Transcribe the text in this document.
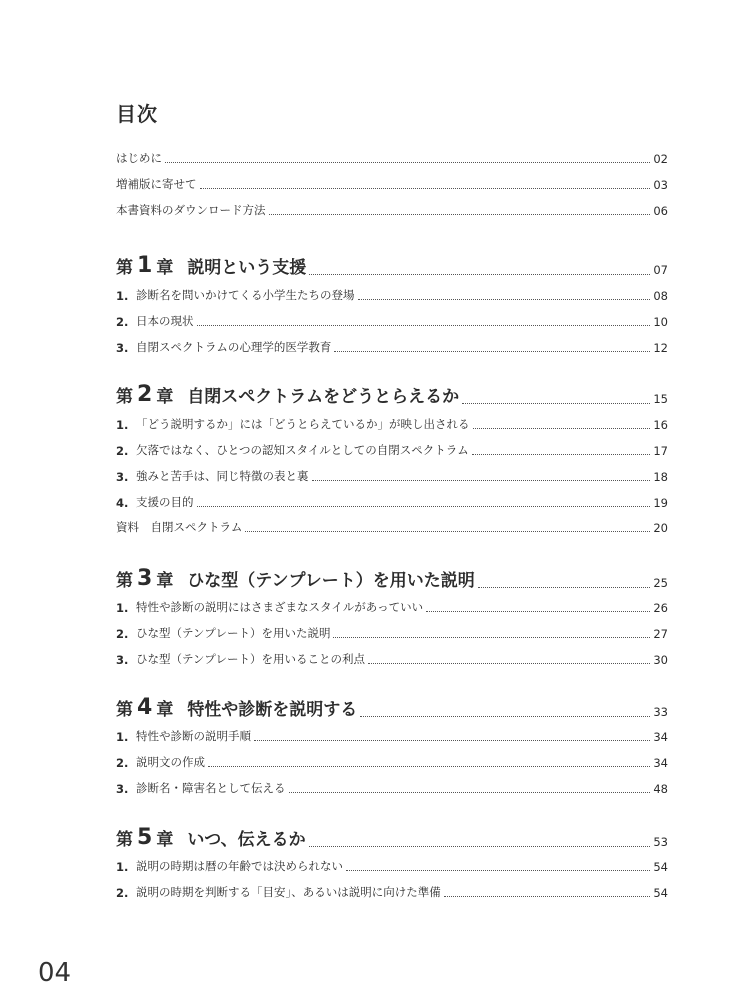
目次
はじめに	02
増補版に寄せて	03
本書資料のダウンロード方法	06
第 1 章 説明という支援	07
1. 診断名を問いかけてくる小学生たちの登場	08
2. 日本の現状	10
3. 自閉スペクトラムの心理学的医学教育	12
第 2 章 自閉スペクトラムをどうとらえるか	15
1. 「どう説明するか」には「どうとらえているか」が映し出される	16
2. 欠落ではなく、ひとつの認知スタイルとしての自閉スペクトラム	17
3. 強みと苦手は、同じ特徴の表と裏	18
4. 支援の目的	19
資料　自閉スペクトラム	20
第 3 章 ひな型（テンプレート）を用いた説明	25
1. 特性や診断の説明にはさまざまなスタイルがあっていい	26
2. ひな型（テンプレート）を用いた説明	27
3. ひな型（テンプレート）を用いることの利点	30
第 4 章 特性や診断を説明する	33
1. 特性や診断の説明手順	34
2. 説明文の作成	34
3. 診断名・障害名として伝える	48
第 5 章 いつ、伝えるか	53
1. 説明の時期は暦の年齢では決められない	54
2. 説明の時期を判断する「目安」、あるいは説明に向けた準備	54
04
